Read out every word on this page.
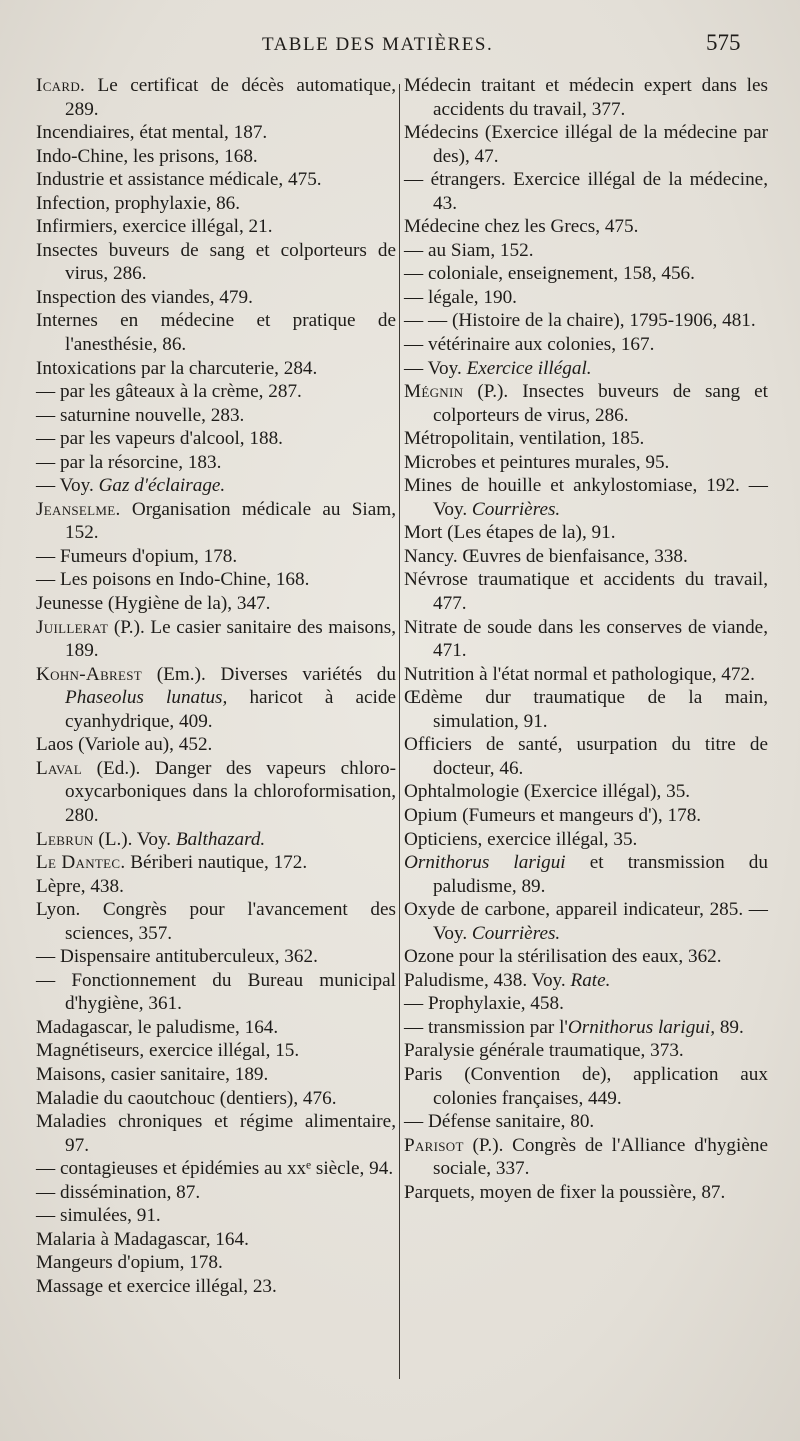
TABLE DES MATIÈRES.	575

Icard. Le certificat de décès automatique, 289.

Incendiaires, état mental, 187.

Indo-Chine, les prisons, 168.

Industrie et assistance médicale, 475.

Infection, prophylaxie, 86.

Infirmiers, exercice illégal, 21.

Insectes buveurs de sang et colporteurs de virus, 286.

Inspection des viandes, 479.

Internes en médecine et pratique de l'anesthésie, 86.

Intoxications par la charcuterie, 284.

— par les gâteaux à la crème, 287.

— saturnine nouvelle, 283.

— par les vapeurs d'alcool, 188.

— par la résorcine, 183.

— Voy. Gaz d'éclairage.

Jeanselme. Organisation médicale au Siam, 152.

— Fumeurs d'opium, 178.

— Les poisons en Indo-Chine, 168.

Jeunesse (Hygiène de la), 347.

Juillerat (P.). Le casier sanitaire des maisons, 189.

Kohn-Abrest (Em.). Diverses variétés du Phaseolus lunatus, haricot à acide cyanhydrique, 409.

Laos (Variole au), 452.

Laval (Ed.). Danger des vapeurs chloro-oxycarboniques dans la chloroformisation, 280.

Lebrun (L.). Voy. Balthazard.

Le Dantec. Bériberi nautique, 172.

Lèpre, 438.

Lyon. Congrès pour l'avancement des sciences, 357.

— Dispensaire antituberculeux, 362.

— Fonctionnement du Bureau municipal d'hygiène, 361.

Madagascar, le paludisme, 164.

Magnétiseurs, exercice illégal, 15.

Maisons, casier sanitaire, 189.

Maladie du caoutchouc (dentiers), 476.

Maladies chroniques et régime alimentaire, 97.

— contagieuses et épidémies au xxᵉ siècle, 94.

— dissémination, 87.

— simulées, 91.

Malaria à Madagascar, 164.

Mangeurs d'opium, 178.

Massage et exercice illégal, 23.

Médecin traitant et médecin expert dans les accidents du travail, 377.

Médecins (Exercice illégal de la médecine par des), 47.

— étrangers. Exercice illégal de la médecine, 43.

Médecine chez les Grecs, 475.

— au Siam, 152.

— coloniale, enseignement, 158, 456.

— légale, 190.

— — (Histoire de la chaire), 1795-1906, 481.

— vétérinaire aux colonies, 167.

— Voy. Exercice illégal.

Mégnin (P.). Insectes buveurs de sang et colporteurs de virus, 286.

Métropolitain, ventilation, 185.

Microbes et peintures murales, 95.

Mines de houille et ankylostomiase, 192. — Voy. Courrières.

Mort (Les étapes de la), 91.

Nancy. Œuvres de bienfaisance, 338.

Névrose traumatique et accidents du travail, 477.

Nitrate de soude dans les conserves de viande, 471.

Nutrition à l'état normal et pathologique, 472.

Œdème dur traumatique de la main, simulation, 91.

Officiers de santé, usurpation du titre de docteur, 46.

Ophtalmologie (Exercice illégal), 35.

Opium (Fumeurs et mangeurs d'), 178.

Opticiens, exercice illégal, 35.

Ornithorus larigui et transmission du paludisme, 89.

Oxyde de carbone, appareil indicateur, 285. — Voy. Courrières.

Ozone pour la stérilisation des eaux, 362.

Paludisme, 438. Voy. Rate.

— Prophylaxie, 458.

— transmission par l'Ornithorus larigui, 89.

Paralysie générale traumatique, 373.

Paris (Convention de), application aux colonies françaises, 449.

— Défense sanitaire, 80.

Parisot (P.). Congrès de l'Alliance d'hygiène sociale, 337.

Parquets, moyen de fixer la poussière, 87.
